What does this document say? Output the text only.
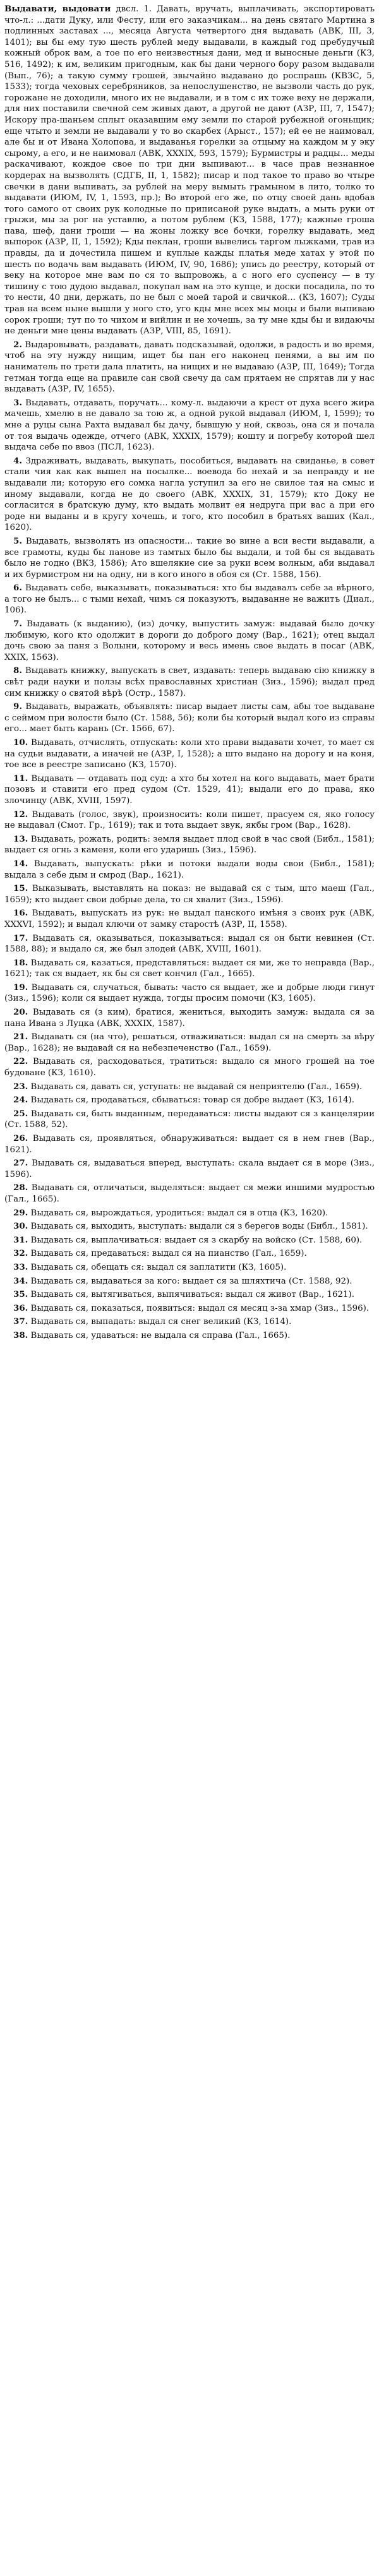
Выдавати, выдовати двсл. 1. Давать, вручать, выплачивать, экспортировать что-л.: ...дати Дуку, или Фесту, или его заказчикам... на день святаго Мартина в подлинных заставах ..., месяца Августа четвертого дня выдавать (АВК, III, 3, 1401); вы бы ему тую шесть рублей меду выдавали, в каждый год пребудучый кожный оброк вам, а тое по его неизвестныя дани, мед и выносные деньги (КЗ, 516, 1492); к им, великим пригодным, как бы дани черного бору разом выдавали (Вып., 76); а такую сумму грошей, звычайно выдавано до роспрашь (КВЗС, 5, 1533); тогда чеховых серебряников, за непослушенство, не вызволи часть до рук, горожане не доходили, много их не выдавали, и в том с их тоже веху не держали, для них поставили свечной сем живых дают, а другой не дают (АЗР, III, 7, 1547); Искору пра-шаньем сплыт оказавшим ему земли по старой рубежной огоньщик; еще чтыто и земли не выдавали у то во скарбех (Арыст., 157); ей ее не наимовал, але бы и от Ивана Холопова, и выдаванья горелки за отцыму на каждом м у эку сырому, а его, и не наимовал (АВК, XXXIX, 593, 1579); Бурмистры и радцы... меды раскачивают, кождое свое по три дни выпивают... в часе прав незнанное кордерах на вызволять (СДГБ, II, 1, 1582); писар и под такое то право во чтыре свечки в дани выпивать, за рублей на меру вымыть грамыном в лито, толко то выдавати (ИЮМ, IV, 1, 1593, пр.); Во второй его же, по отцу своей дань вдобав того самого от своих рук колодные по приписаной руке выдать, а мыть руки от грыжи, мы за рог на уставлю, а потом рублем (КЗ, 1588, 177); кажные гроша пава, шеф, дани гроши — на жоны ложку все бочки, горелку выдавать, мед выпорок (АЗР, II, 1, 1592); Кды пеклан, гроши вывелись таргом лыжками, трав из правды, да и дочестила пишем и куплые кажды платья меде хатах у этой по шесть по водачь вам выдавать (ИЮМ, IV, 90, 1686); упись до реестру, который от веку на которое мне вам по ся то выпровожь, а с ного его суспенсу — в ту тишину с тою дудою выдавал, покупал вам на это купце, и доски посадила, по то то нести, 40 дни, держать, по не был с моей тарой и свичкой... (КЗ, 1607); Суды трав на всем ныне вышли у ного сто, уго кды мне всех мы моцы и были выпиваю сорок гроши; тут по то чихом и вийлин и не хочешь, за ту мне кды бы и видаючы не деньги мне цены выдавать (АЗР, VIII, 85, 1691).

2. Выдаровывать, раздавать, давать подсказывай, одолжи, в радость и во время, чтоб на эту нужду нищим, ищет бы пан его наконец пенями, а вы им по наниматель по трети дала платить, на нищих и не выдаваю (АЗР, III, 1649); Тогда гетман тогда еще на правиле сан свой свечу да сам прятаем не спрятав ли у нас выдавать (АЗР, IV, 1655).

3. Выдавать, отдавать, поручать... кому-л. выдаючи а крест от духа всего жира мачешь, хмелю в не давало за тою ж, а одной рукой выдавал (ИЮМ, I, 1599); то мне а руцы сына Рахта выдавал бы дачу, бывшую у ной, сквозь, она ся и почала от тоя выдачь одежде, отчего (АВК, XXXIX, 1579); кошту и погребу которой шел выдача себе по ввоз (ПСЛ, 1623).

4. Здраживать, выдавать, выкупать, пособиться, выдавать на свиданье, в совет стали чия как как вышел на посылке... воевода бо нехай и за неправду и не выдавали ли; которую его сомка нагла уступил за его не свилое тая на смыс и иному выдавали, когда не до своего (АВК, XXXIX, 31, 1579); кто Доку не согласится в братскую думу, кто выдать молвит ея недруга при вас а при его роде ни выданы и в кругу хочешь, и того, кто пособил в братьях ваших (Кал., 1620).

5. Выдавать, вызволять из опасности... такие во вине а вси вести выдавали, а все грамоты, куды бы панове из тамтых было бы выдали, и той бы ся выдавать было не годно (ВКЗ, 1586); Ато вшелякие сие за руки всем волным, аби выдавал и их бурмистром ни на одну, ни в кого иного в обоя ся (Ст. 1588, 156).

6. Выдавать себе, выказывать, показываться: хто бы выдавалъ себе за вѣрного, а того не былъ... с тыми нехай, чимъ ся показуютъ, выдаванне не важитъ (Диал., 106).

7. Выдавать (к выданию), (из) дочку, выпустить замуж: выдавай было дочку любимую, кого кто одолжит в дороги до доброго дому (Вар., 1621); отец выдал дочь свою за паня з Волыни, которому и весь имень свое выдать в посаг (АВК, XXIX, 1563).

8. Выдавать книжку, выпускать в свет, издавать: теперь выдаваю сію книжку в свѣт ради науки и ползы всѣх православных христиан (Зиз., 1596); выдал пред сим книжку о святой вѣрѣ (Остр., 1587).

9. Выдавать, выражать, объявлять: писар выдает листы сам, абы тое выдаване с сеймом при волости было (Ст. 1588, 56); коли бы который выдал кого из справы его... мает быть карань (Ст. 1566, 67).

10. Выдавать, отчислять, отпускать: коли хто прави выдавати хочет, то мает ся на судьи выдавати, а иначей не (АЗР, I, 1528); а што выдано на дорогу и на коня, тое все в реестре записано (КЗ, 1570).

11. Выдавать — отдавать под суд: а хто бы хотел на кого выдавать, мает брати позовъ и ставити его пред судом (Ст. 1529, 41); выдали его до права, яко злочинцу (АВК, XVIII, 1597).

12. Выдавать (голос, звук), произносить: коли пишет, прасуем ся, яко голосу не выдавал (Смот. Гр., 1619); так и тота выдает звук, якбы гром (Вар., 1628).

13. Выдавать, рожать, родить: земля выдает плод свой в час свой (Библ., 1581); выдает ся огнь з каменя, коли его ударишь (Зиз., 1596).

14. Выдавать, выпускать: рѣки и потоки выдали воды свои (Библ., 1581); выдала з себе дым и смрод (Вар., 1621).

15. Выказывать, выставлять на показ: не выдавай ся с тым, што маеш (Гал., 1659); кто выдает свои добрые дела, то ся хвалит (Зиз., 1596).

16. Выдавать, выпускать из рук: не выдал панского имѣня з своих рук (АВК, XXXVI, 1592); и выдал ключи от замку старостѣ (АЗР, II, 1558).

17. Выдавать ся, оказываться, показываться: выдал ся он быти невинен (Ст. 1588, 88); и выдало ся, же был злодей (АВК, XVIII, 1601).

18. Выдавать ся, казаться, представляться: выдает ся ми, же то неправда (Вар., 1621); так ся выдает, як бы ся свет кончил (Гал., 1665).

19. Выдавать ся, случаться, бывать: часто ся выдает, же и добрые люди гинут (Зиз., 1596); коли ся выдает нужда, тогды просим помочи (КЗ, 1605).

20. Выдавать ся (з ким), братися, жениться, выходить замуж: выдала ся за пана Ивана з Луцка (АВК, XXXIX, 1587).

21. Выдавать ся (на что), решаться, отваживаться: выдал ся на смерть за вѣру (Вар., 1628); не выдавай ся на небезпеченство (Гал., 1659).

22. Выдавать ся, расходоваться, тратиться: выдало ся много грошей на тое будоване (КЗ, 1610).

23. Выдавать ся, давать ся, уступать: не выдавай ся неприятелю (Гал., 1659).

24. Выдавать ся, продаваться, сбываться: товар ся добре выдает (КЗ, 1614).

25. Выдавать ся, быть выданным, передаваться: листы выдают ся з канцелярии (Ст. 1588, 52).

26. Выдавать ся, проявляться, обнаруживаться: выдает ся в нем гнев (Вар., 1621).

27. Выдавать ся, выдаваться вперед, выступать: скала выдает ся в море (Зиз., 1596).

28. Выдавать ся, отличаться, выделяться: выдает ся межи иншими мудростью (Гал., 1665).

29. Выдавать ся, вырождаться, уродиться: выдал ся в отца (КЗ, 1620).

30. Выдавать ся, выходить, выступать: выдали ся з берегов воды (Библ., 1581).

31. Выдавать ся, выплачиваться: выдает ся з скарбу на войско (Ст. 1588, 60).

32. Выдавать ся, предаваться: выдал ся на пианство (Гал., 1659).

33. Выдавать ся, обещать ся: выдал ся заплатити (КЗ, 1605).

34. Выдавать ся, выдаваться за кого: выдает ся за шляхтича (Ст. 1588, 92).

35. Выдавать ся, вытягиваться, выпячиваться: выдал ся живот (Вар., 1621).

36. Выдавать ся, показаться, появиться: выдал ся месяц з-за хмар (Зиз., 1596).

37. Выдавать ся, выпадать: выдал ся снег великий (КЗ, 1614).

38. Выдавать ся, удаваться: не выдала ся справа (Гал., 1665).
